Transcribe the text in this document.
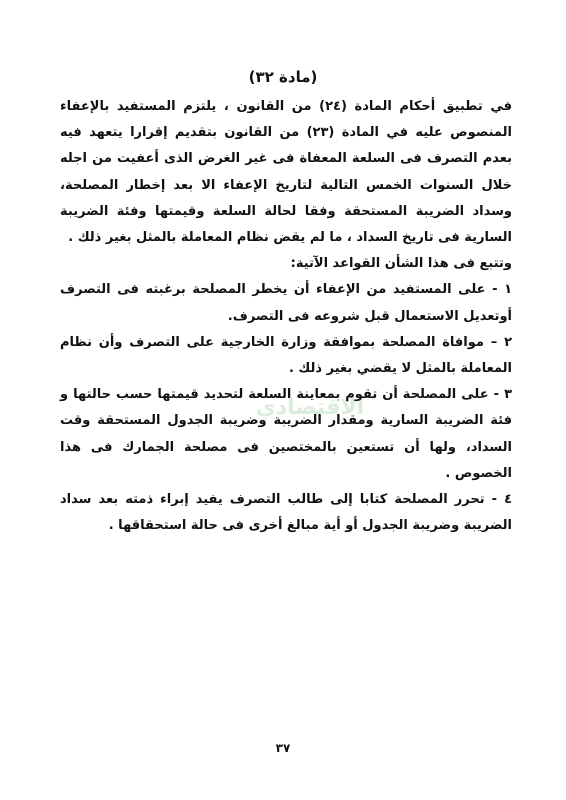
(مادة ٣٢)

في تطبيق أحكام المادة (٢٤) من القانون ، يلتزم المستفيد بالإعفاء المنصوص عليه في المادة (٢٣) من القانون بتقديم إقرارا يتعهد فيه بعدم التصرف فى السلعة المعفاة فى غير الغرض الذى أعفيت من اجله خلال السنوات الخمس التالية لتاريخ الإعفاء الا بعد إخطار المصلحة، وسداد الضريبة المستحقة وفقا لحالة السلعة وقيمتها وفئة الضريبة السارية فى تاريخ السداد ، ما لم يقض نظام المعاملة بالمثل بغير ذلك .

وتتبع فى هذا الشأن القواعد الآتية:

١ - على المستفيد من الإعفاء أن يخطر المصلحة برغبته فى التصرف أوتعديل الاستعمال قبل شروعه فى التصرف.

٢ – موافاة المصلحة بموافقة وزارة الخارجية على التصرف وأن نظام المعاملة بالمثل لا يقضي بغير ذلك .

٣ - على المصلحة أن تقوم بمعاينة السلعة لتحديد قيمتها حسب حالتها و فئة الضريبة السارية ومقدار الضريبة وضريبة الجدول المستحقة وقت السداد، ولها أن تستعين بالمختصين فى مصلحة الجمارك فى هذا الخصوص .

٤ - تحرر المصلحة كتابا إلى طالب التصرف يفيد إبراء ذمته بعد سداد الضريبة وضريبة الجدول أو أية مبالغ أخرى فى حالة استحقاقها .

الاقتصادي
٣٧
